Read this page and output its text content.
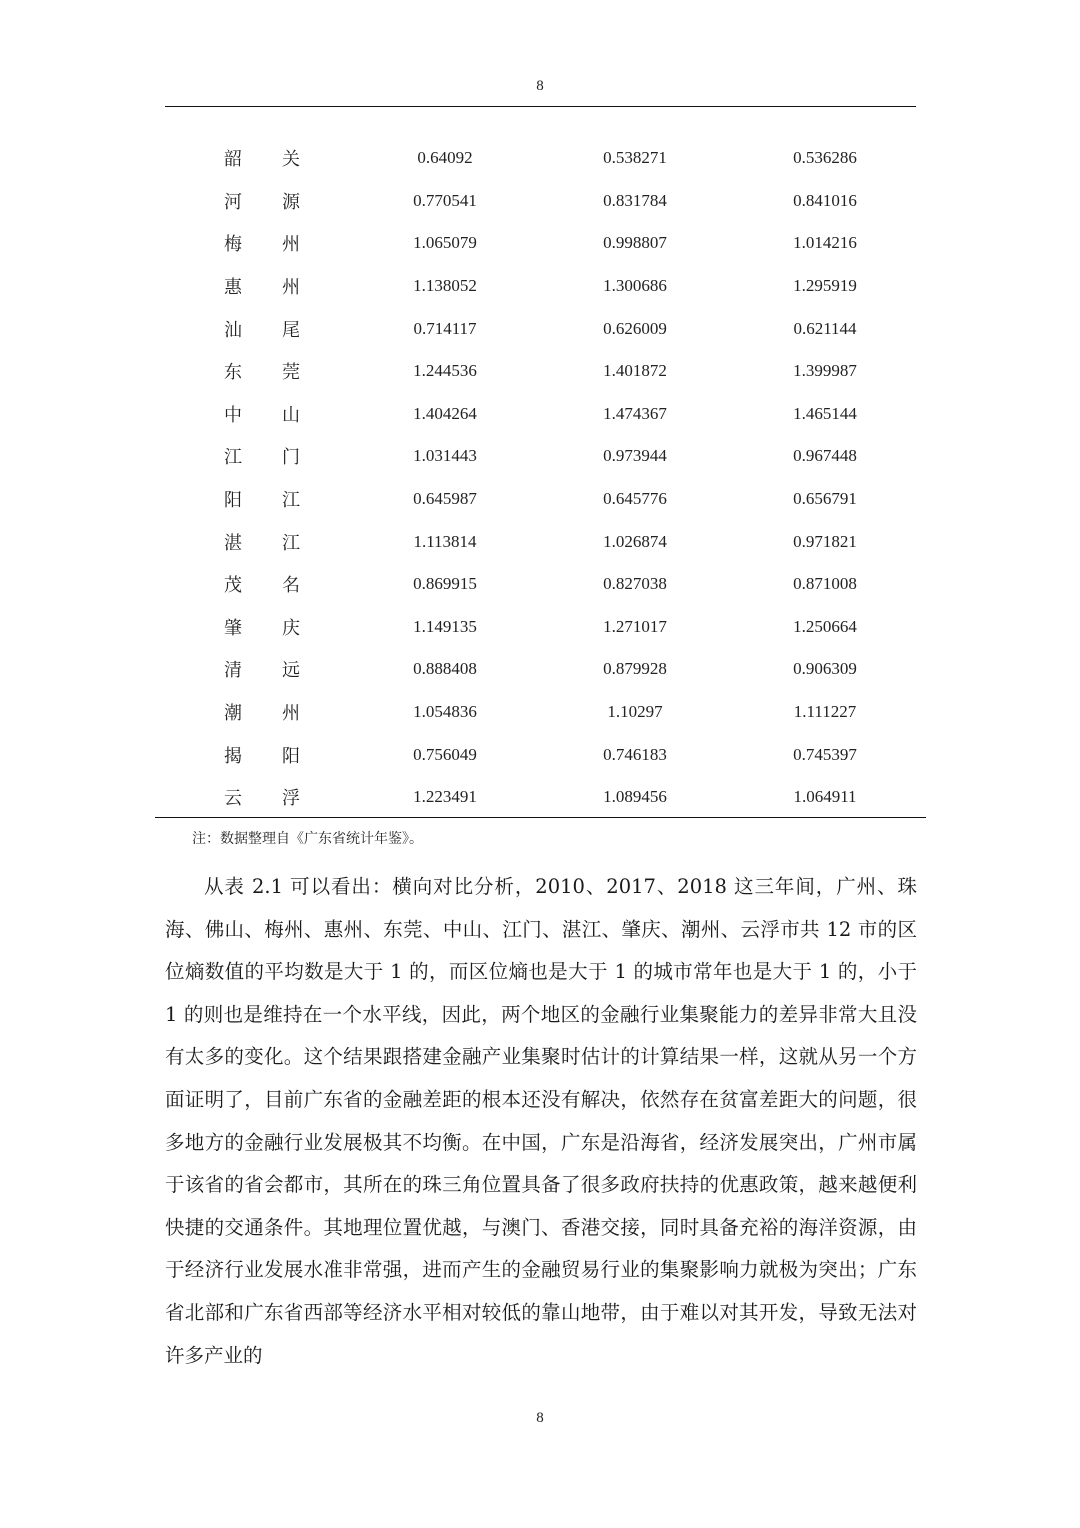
8
韶 关	0.64092	0.538271	0.536286

河 源	0.770541	0.831784	0.841016

梅 州	1.065079	0.998807	1.014216

惠 州	1.138052	1.300686	1.295919

汕 尾	0.714117	0.626009	0.621144

东 莞	1.244536	1.401872	1.399987

中 山	1.404264	1.474367	1.465144

江 门	1.031443	0.973944	0.967448

阳 江	0.645987	0.645776	0.656791

湛 江	1.113814	1.026874	0.971821

茂 名	0.869915	0.827038	0.871008

肇 庆	1.149135	1.271017	1.250664

清 远	0.888408	0.879928	0.906309

潮 州	1.054836	1.10297	1.111227

揭 阳	0.756049	0.746183	0.745397

云 浮	1.223491	1.089456	1.064911
注：数据整理自《广东省统计年鉴》。

从表 2.1 可以看出：横向对比分析，2010、2017、2018 这三年间，广州、珠海、佛山、梅州、惠州、东莞、中山、江门、湛江、肇庆、潮州、云浮市共 12 市的区位熵数值的平均数是大于 1 的，而区位熵也是大于 1 的城市常年也是大于 1 的，小于 1 的则也是维持在一个水平线，因此，两个地区的金融行业集聚能力的差异非常大且没有太多的变化。这个结果跟搭建金融产业集聚时估计的计算结果一样，这就从另一个方面证明了，目前广东省的金融差距的根本还没有解决，依然存在贫富差距大的问题，很多地方的金融行业发展极其不均衡。在中国，广东是沿海省，经济发展突出，广州市属于该省的省会都市，其所在的珠三角位置具备了很多政府扶持的优惠政策，越来越便利快捷的交通条件。其地理位置优越，与澳门、香港交接，同时具备充裕的海洋资源，由于经济行业发展水准非常强，进而产生的金融贸易行业的集聚影响力就极为突出；广东省北部和广东省西部等经济水平相对较低的靠山地带，由于难以对其开发，导致无法对许多产业的

8
